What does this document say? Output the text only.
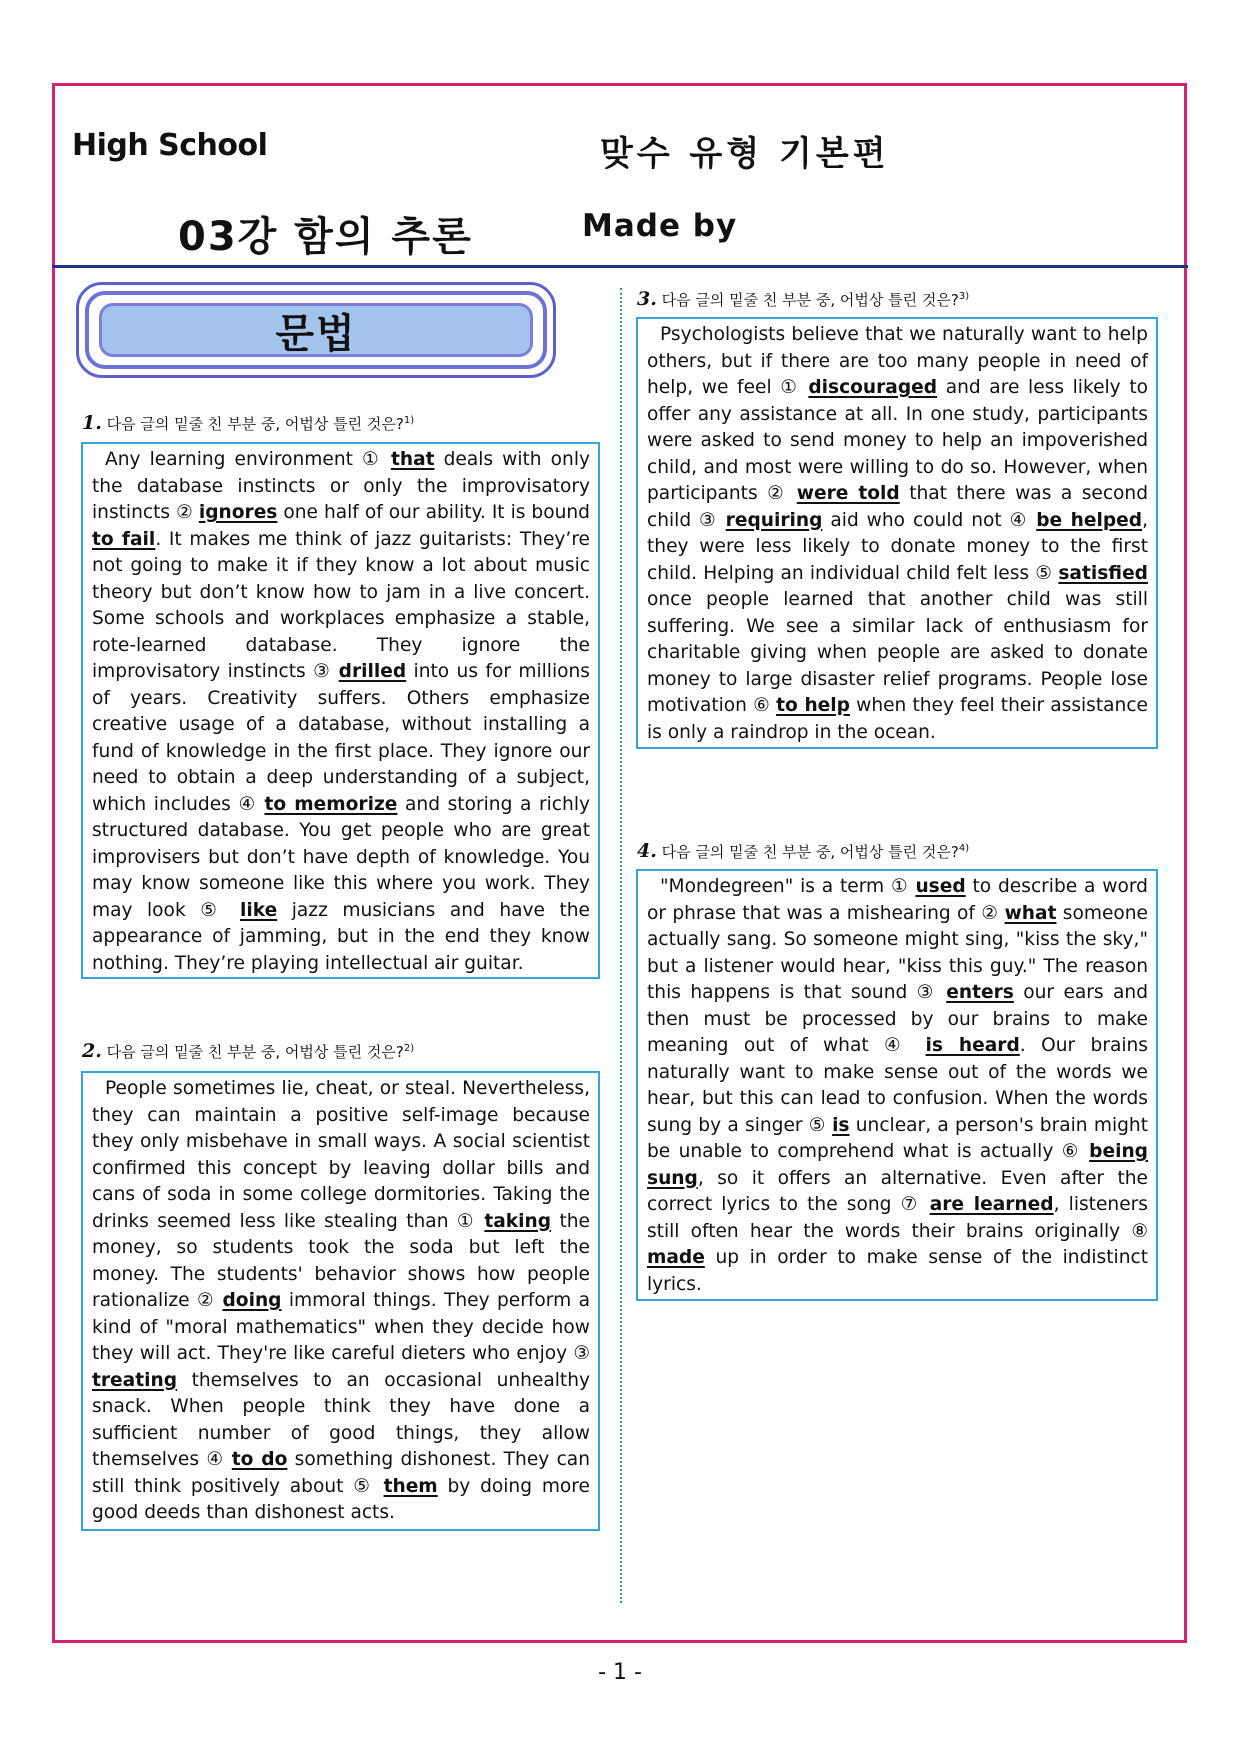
High School	맞수 유형 기본편
03강 함의 추론	Made by
문법
1. 다음 글의 밑줄 친 부분 중, 어법상 틀린 것은?$^{1)}$
Any learning environment ① that deals with only the database instincts or only the improvisatory instincts ② ignores one half of our ability. It is bound to fail. It makes me think of jazz guitarists: They’re not going to make it if they know a lot about music theory but don’t know how to jam in a live concert. Some schools and workplaces emphasize a stable, rote-learned database. They ignore the improvisatory instincts ③ drilled into us for millions of years. Creativity suffers. Others emphasize creative usage of a database, without installing a fund of knowledge in the first place. They ignore our need to obtain a deep understanding of a subject, which includes ④ to memorize and storing a richly structured database. You get people who are great improvisers but don’t have depth of knowledge. You may know someone like this where you work. They may look ⑤ like jazz musicians and have the appearance of jamming, but in the end they know nothing. They’re playing intellectual air guitar.
2. 다음 글의 밑줄 친 부분 중, 어법상 틀린 것은?$^{2)}$
People sometimes lie, cheat, or steal. Nevertheless, they can maintain a positive self-image because they only misbehave in small ways. A social scientist confirmed this concept by leaving dollar bills and cans of soda in some college dormitories. Taking the drinks seemed less like stealing than ① taking the money, so students took the soda but left the money. The students' behavior shows how people rationalize ② doing immoral things. They perform a kind of "moral mathematics" when they decide how they will act. They're like careful dieters who enjoy ③ treating themselves to an occasional unhealthy snack. When people think they have done a sufficient number of good things, they allow themselves ④ to do something dishonest. They can still think positively about ⑤ them by doing more good deeds than dishonest acts.
3. 다음 글의 밑줄 친 부분 중, 어법상 틀린 것은?$^{3)}$
Psychologists believe that we naturally want to help others, but if there are too many people in need of help, we feel ① discouraged and are less likely to offer any assistance at all. In one study, participants were asked to send money to help an impoverished child, and most were willing to do so. However, when participants ② were told that there was a second child ③ requiring aid who could not ④ be helped, they were less likely to donate money to the first child. Helping an individual child felt less ⑤ satisfied once people learned that another child was still suffering. We see a similar lack of enthusiasm for charitable giving when people are asked to donate money to large disaster relief programs. People lose motivation ⑥ to help when they feel their assistance is only a raindrop in the ocean.
4. 다음 글의 밑줄 친 부분 중, 어법상 틀린 것은?$^{4)}$
"Mondegreen" is a term ① used to describe a word or phrase that was a mishearing of ② what someone actually sang. So someone might sing, "kiss the sky," but a listener would hear, "kiss this guy." The reason this happens is that sound ③ enters our ears and then must be processed by our brains to make meaning out of what ④ is heard. Our brains naturally want to make sense out of the words we hear, but this can lead to confusion. When the words sung by a singer ⑤ is unclear, a person's brain might be unable to comprehend what is actually ⑥ being sung, so it offers an alternative. Even after the correct lyrics to the song ⑦ are learned, listeners still often hear the words their brains originally ⑧ made up in order to make sense of the indistinct lyrics.
- 1 -
